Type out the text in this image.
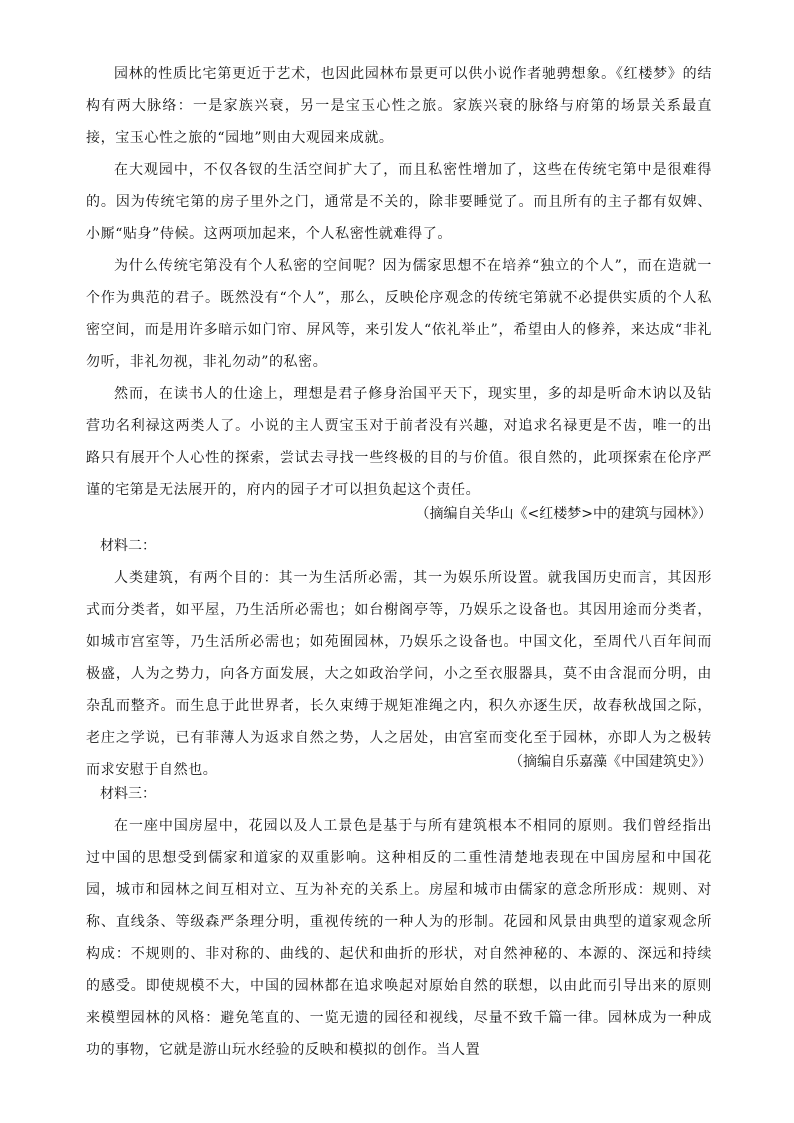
园林的性质比宅第更近于艺术，也因此园林布景更可以供小说作者驰骋想象。《红楼梦》的结构有两大脉络：一是家族兴衰，另一是宝玉心性之旅。家族兴衰的脉络与府第的场景关系最直接，宝玉心性之旅的“园地”则由大观园来成就。

在大观园中，不仅各钗的生活空间扩大了，而且私密性增加了，这些在传统宅第中是很难得的。因为传统宅第的房子里外之门，通常是不关的，除非要睡觉了。而且所有的主子都有奴婢、小厮“贴身”侍候。这两项加起来，个人私密性就难得了。

为什么传统宅第没有个人私密的空间呢？因为儒家思想不在培养“独立的个人”，而在造就一个作为典范的君子。既然没有“个人”，那么，反映伦序观念的传统宅第就不必提供实质的个人私密空间，而是用许多暗示如门帘、屏风等，来引发人“依礼举止”，希望由人的修养，来达成“非礼勿听，非礼勿视，非礼勿动”的私密。

然而，在读书人的仕途上，理想是君子修身治国平天下，现实里，多的却是听命木讷以及钻营功名利禄这两类人了。小说的主人贾宝玉对于前者没有兴趣，对追求名禄更是不齿，唯一的出路只有展开个人心性的探索，尝试去寻找一些终极的目的与价值。很自然的，此项探索在伦序严谨的宅第是无法展开的，府内的园子才可以担负起这个责任。

（摘编自关华山《<红楼梦>中的建筑与园林》）

材料二：

人类建筑，有两个目的：其一为生活所必需，其一为娱乐所设置。就我国历史而言，其因形式而分类者，如平屋，乃生活所必需也；如台榭阁亭等，乃娱乐之设备也。其因用途而分类者，如城市宫室等，乃生活所必需也；如苑囿园林，乃娱乐之设备也。中国文化，至周代八百年间而极盛，人为之势力，向各方面发展，大之如政治学问，小之至衣服器具，莫不由含混而分明，由杂乱而整齐。而生息于此世界者，长久束缚于规矩准绳之内，积久亦逐生厌，故春秋战国之际，老庄之学说，已有菲薄人为返求自然之势，人之居处，由宫室而变化至于园林，亦即人为之极转而求安慰于自然也。	（摘编自乐嘉藻《中国建筑史》）

材料三：

在一座中国房屋中，花园以及人工景色是基于与所有建筑根本不相同的原则。我们曾经指出过中国的思想受到儒家和道家的双重影响。这种相反的二重性清楚地表现在中国房屋和中国花园，城市和园林之间互相对立、互为补充的关系上。房屋和城市由儒家的意念所形成：规则、对称、直线条、等级森严条理分明，重视传统的一种人为的形制。花园和风景由典型的道家观念所构成：不规则的、非对称的、曲线的、起伏和曲折的形状，对自然神秘的、本源的、深远和持续的感受。即使规模不大，中国的园林都在追求唤起对原始自然的联想，以由此而引导出来的原则来模塑园林的风格：避免笔直的、一览无遗的园径和视线，尽量不致千篇一律。园林成为一种成功的事物，它就是游山玩水经验的反映和模拟的创作。当人置
